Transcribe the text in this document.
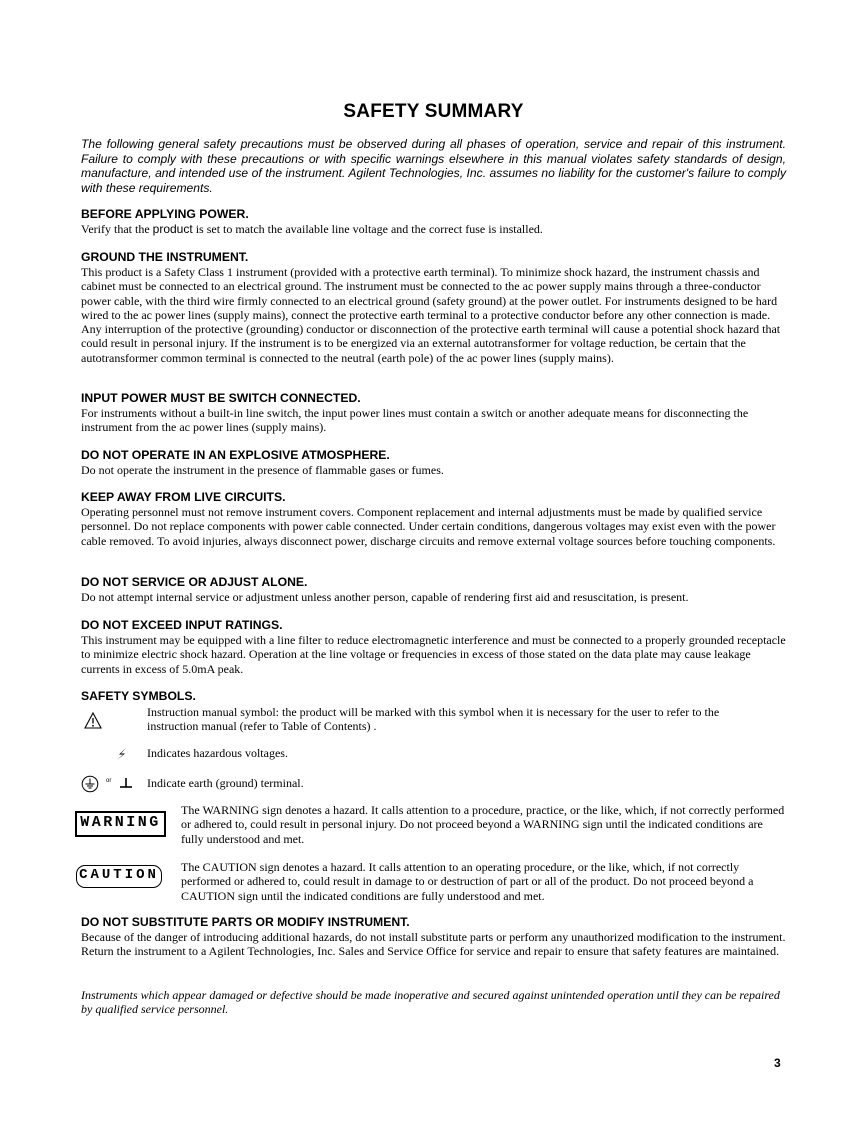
SAFETY SUMMARY
The following general safety precautions must be observed during all phases of operation, service and repair of this instrument. Failure to comply with these precautions or with specific warnings elsewhere in this manual violates safety standards of design, manufacture, and intended use of the instrument. Agilent Technologies, Inc. assumes no liability for the customer's failure to comply with these requirements.
BEFORE APPLYING POWER.

Verify that the product is set to match the available line voltage and the correct fuse is installed.

GROUND THE INSTRUMENT.

This product is a Safety Class 1 instrument (provided with a protective earth terminal). To minimize shock hazard, the instrument chassis and cabinet must be connected to an electrical ground. The instrument must be connected to the ac power supply mains through a three-conductor power cable, with the third wire firmly connected to an electrical ground (safety ground) at the power outlet. For instruments designed to be hard wired to the ac power lines (supply mains), connect the protective earth terminal to a protective conductor before any other connection is made. Any interruption of the protective (grounding) conductor or disconnection of the protective earth terminal will cause a potential shock hazard that could result in personal injury. If the instrument is to be energized via an external autotransformer for voltage reduction, be certain that the autotransformer common terminal is connected to the neutral (earth pole) of the ac power lines (supply mains).

INPUT POWER MUST BE SWITCH CONNECTED.

For instruments without a built-in line switch, the input power lines must contain a switch or another adequate means for disconnecting the instrument from the ac power lines (supply mains).

DO NOT OPERATE IN AN EXPLOSIVE ATMOSPHERE.

Do not operate the instrument in the presence of flammable gases or fumes.

KEEP AWAY FROM LIVE CIRCUITS.

Operating personnel must not remove instrument covers. Component replacement and internal adjustments must be made by qualified service personnel. Do not replace components with power cable connected. Under certain conditions, dangerous voltages may exist even with the power cable removed. To avoid injuries, always disconnect power, discharge circuits and remove external voltage sources before touching components.

DO NOT SERVICE OR ADJUST ALONE.

Do not attempt internal service or adjustment unless another person, capable of rendering first aid and resuscitation, is present.

DO NOT EXCEED INPUT RATINGS.

This instrument may be equipped with a line filter to reduce electromagnetic interference and must be connected to a properly grounded receptacle to minimize electric shock hazard. Operation at the line voltage or frequencies in excess of those stated on the data plate may cause leakage currents in excess of 5.0mA peak.

SAFETY SYMBOLS.
Instruction manual symbol: the product will be marked with this symbol when it is necessary for the user to refer to the instruction manual (refer to Table of Contents) .
Indicates hazardous voltages.
or	Indicate earth (ground) terminal.
WARNING
The WARNING sign denotes a hazard. It calls attention to a procedure, practice, or the like, which, if not correctly performed or adhered to, could result in personal injury. Do not proceed beyond a WARNING sign until the indicated conditions are fully understood and met.
CAUTION The CAUTION sign denotes a hazard. It calls attention to an operating procedure, or the like, which, if not correctly performed or adhered to, could result in damage to or destruction of part or all of the product. Do not proceed beyond a CAUTION sign until the indicated conditions are fully understood and met.
DO NOT SUBSTITUTE PARTS OR MODIFY INSTRUMENT.

Because of the danger of introducing additional hazards, do not install substitute parts or perform any unauthorized modification to the instrument. Return the instrument to a Agilent Technologies, Inc. Sales and Service Office for service and repair to ensure that safety features are maintained.

Instruments which appear damaged or defective should be made inoperative and secured against unintended operation until they can be repaired by qualified service personnel.
3
